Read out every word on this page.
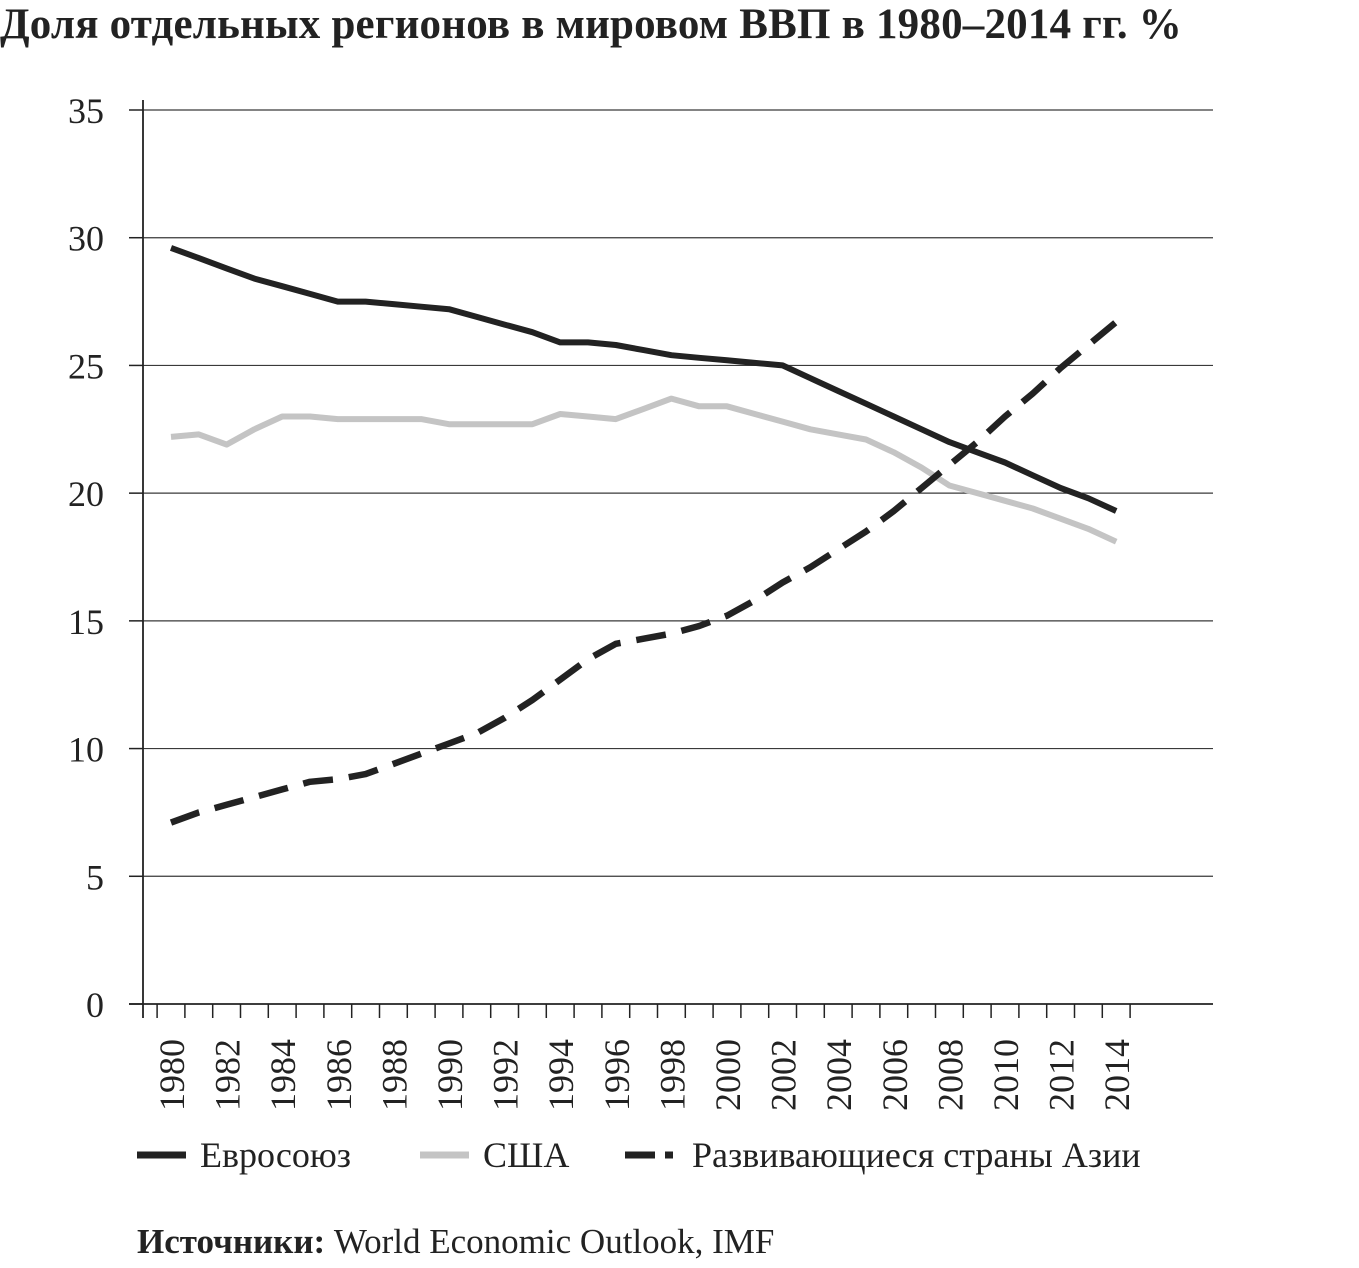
Доля отдельных регионов в мировом ВВП в 1980–2014 гг. %
0
5
10
15
20
25
30
35
1980 1982 1984 1986 1988 1990 1992 1994 1996 1998 2000 2002 2004 2006 2008 2010 2012 2014
Евросоюз	США	Развивающиеся страны Азии
Источники: World Economic Outlook, IMF
